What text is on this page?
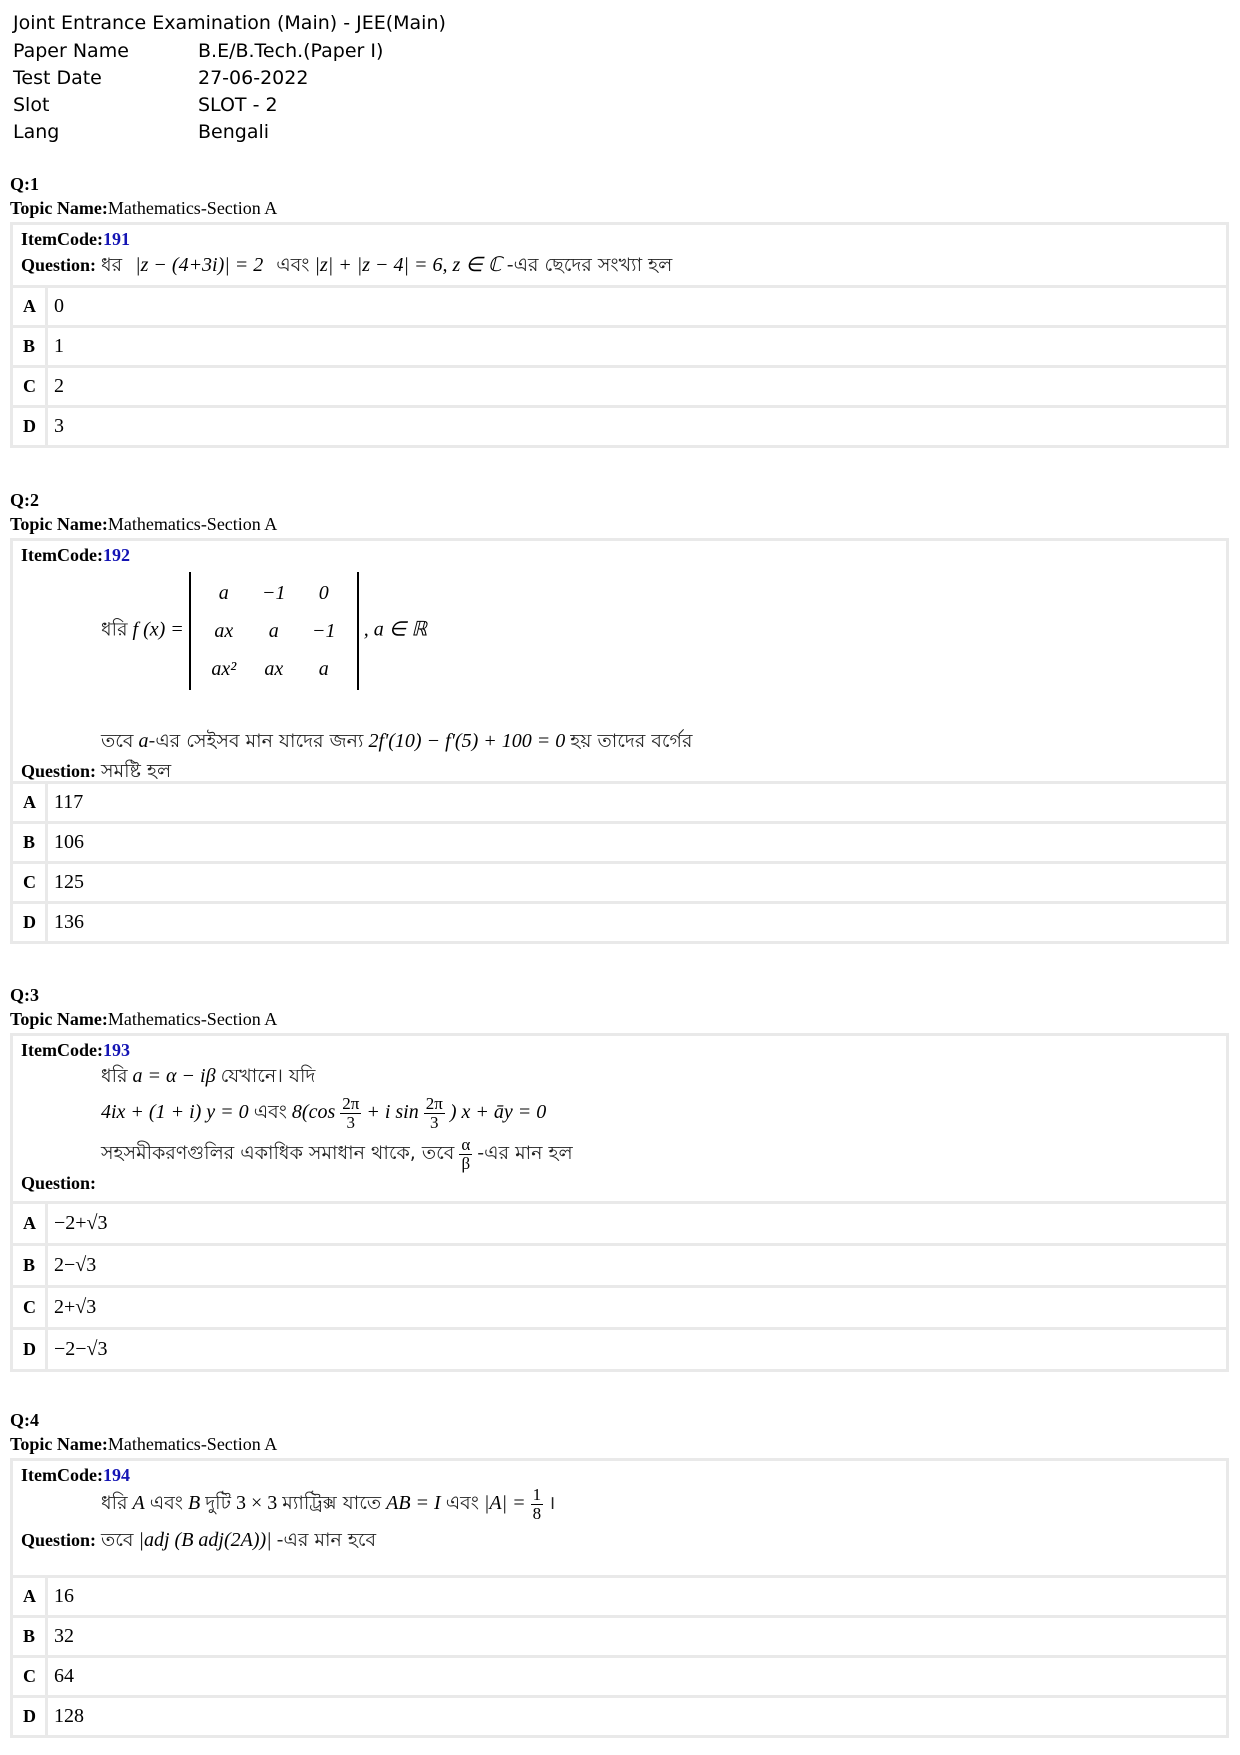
Joint Entrance Examination (Main) - JEE(Main)
Paper Name	B.E/B.Tech.(Paper I)
Test Date	27-06-2022
Slot	SLOT - 2
Lang	Bengali
Q:1
Topic Name:Mathematics-Section A
ItemCode:191
Question: ধর |z − (4+3i)| = 2 এবং |z| + |z − 4| = 6, z ∈ ℂ -এর ছেদের সংখ্যা হল
A 0
B 1
C 2
D 3
Q:2
Topic Name:Mathematics-Section A
ItemCode:192
ধরি f (x) =
a	−1	0
ax	a	−1
ax²	ax	a
, a ∈ ℝ
তবে a-এর সেইসব মান যাদের জন্য 2f'(10) − f'(5) + 100 = 0 হয় তাদের বর্গের
Question: সমষ্টি হল
A 117
B 106
C 125
D 136
Q:3
Topic Name:Mathematics-Section A
ItemCode:193
ধরি a = α − iβ যেখানে। যদি
4ix + (1 + i) y = 0 এবং $8(\cos \frac{2\pi}{3} + i$ $\sin \frac{2\pi}{3}$ ) x + āy = 0
সহসমীকরণগুলির একাধিক সমাধান থাকে, তবে $\frac{\alpha}{\beta}$ -এর মান হল
Question:
A −2+√3
B 2−√3
C 2+√3
D −2−√3
Q:4
Topic Name:Mathematics-Section A
ItemCode:194
ধরি A এবং B দুটি 3 × 3 ম্যাট্রিক্স যাতে AB = I এবং $|A| = \frac{1}{8}$ ।
Question: তবে |adj (B adj(2A))| -এর মান হবে
A 16
B 32
C 64
D 128
